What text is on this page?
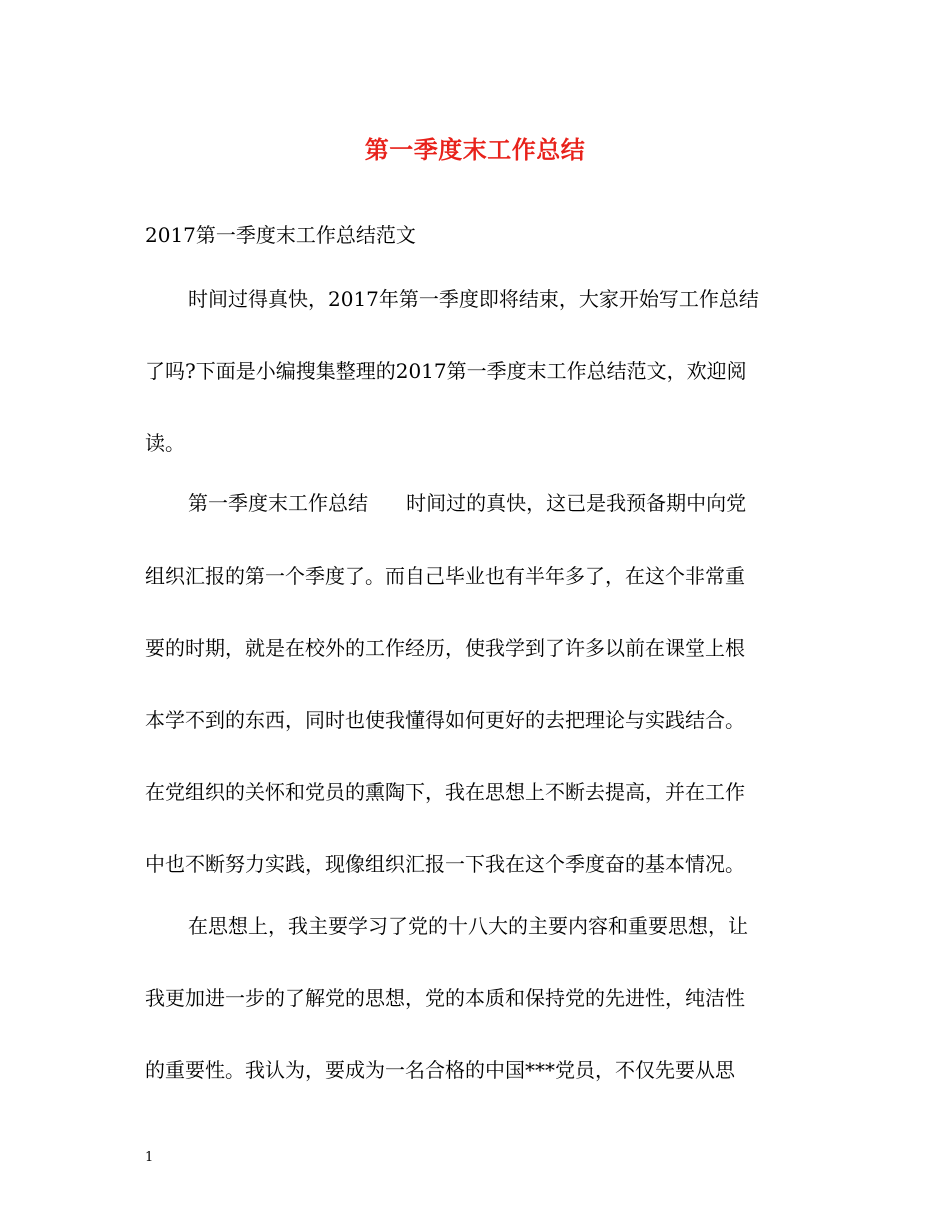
第一季度末工作总结
2017第一季度末工作总结范文
时间过得真快，2017年第一季度即将结束，大家开始写工作总结
了吗?下面是小编搜集整理的2017第一季度末工作总结范文，欢迎阅
读。
第一季度末工作总结      时间过的真快，这已是我预备期中向党
组织汇报的第一个季度了。而自己毕业也有半年多了，在这个非常重
要的时期，就是在校外的工作经历，使我学到了许多以前在课堂上根
本学不到的东西，同时也使我懂得如何更好的去把理论与实践结合。
在党组织的关怀和党员的熏陶下，我在思想上不断去提高，并在工作
中也不断努力实践，现像组织汇报一下我在这个季度奋的基本情况。
在思想上，我主要学习了党的十八大的主要内容和重要思想，让
我更加进一步的了解党的思想，党的本质和保持党的先进性，纯洁性
的重要性。我认为，要成为一名合格的中国***党员，不仅先要从思
1
